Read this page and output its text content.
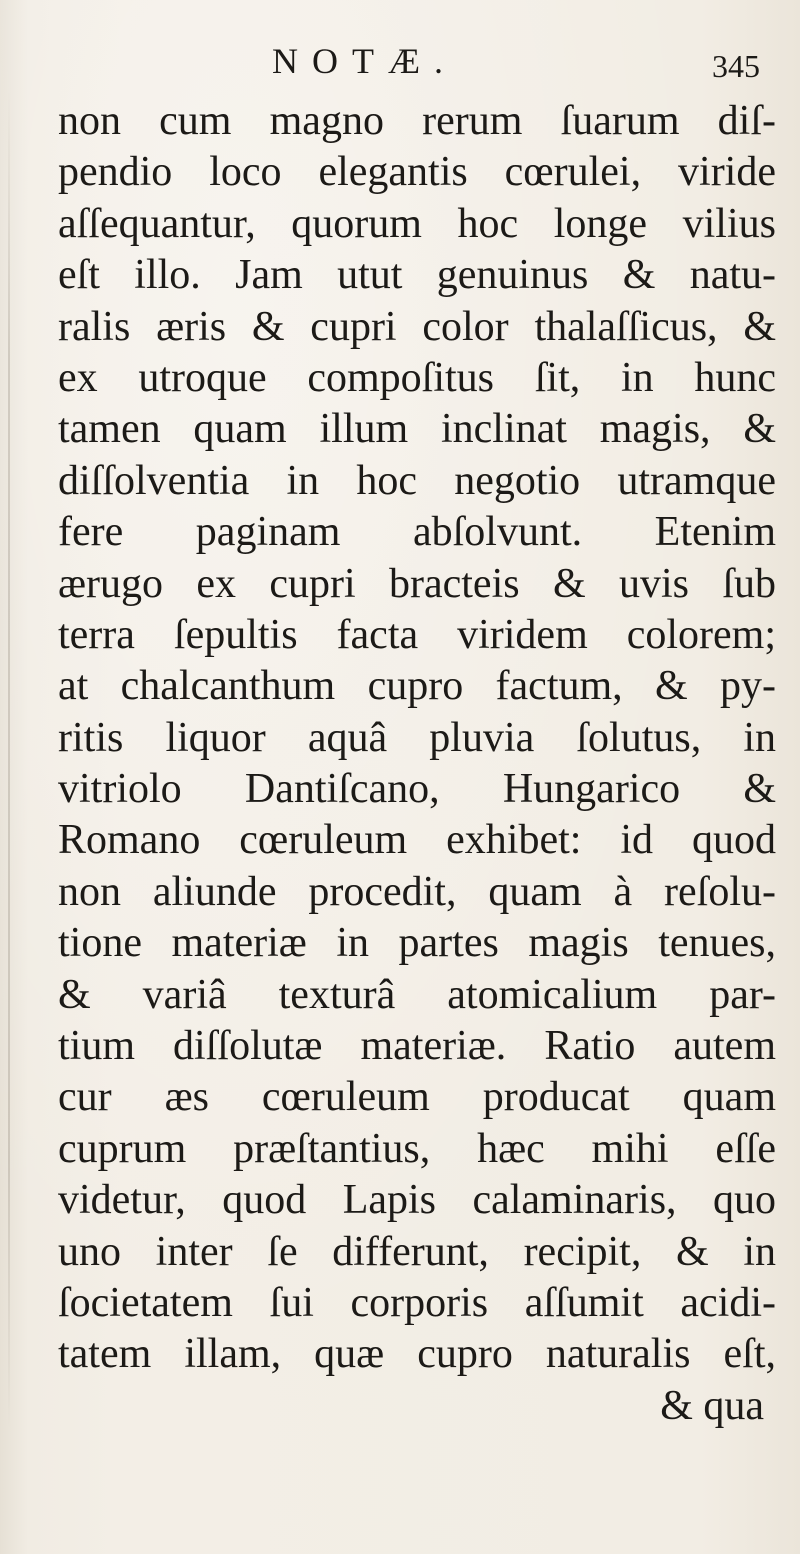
NOTÆ.	345
non cum magno rerum ſuarum diſ-
pendio loco elegantis cœrulei, viride
aſſequantur, quorum hoc longe vilius
eſt illo. Jam utut genuinus & natu-
ralis æris & cupri color thalaſſicus, &
ex utroque compoſitus ſit, in hunc
tamen quam illum inclinat magis, &
diſſolventia in hoc negotio utramque
fere paginam abſolvunt. Etenim
ærugo ex cupri bracteis & uvis ſub
terra ſepultis facta viridem colorem;
at chalcanthum cupro factum, & py-
ritis liquor aquâ pluvia ſolutus, in
vitriolo Dantiſcano, Hungarico &
Romano cœruleum exhibet: id quod
non aliunde procedit, quam à reſolu-
tione materiæ in partes magis tenues,
& variâ texturâ atomicalium par-
tium diſſolutæ materiæ. Ratio autem
cur æs cœruleum producat quam
cuprum præſtantius, hæc mihi eſſe
videtur, quod Lapis calaminaris, quo
uno inter ſe differunt, recipit, & in
ſocietatem ſui corporis aſſumit acidi-
tatem illam, quæ cupro naturalis eſt,
& qua
